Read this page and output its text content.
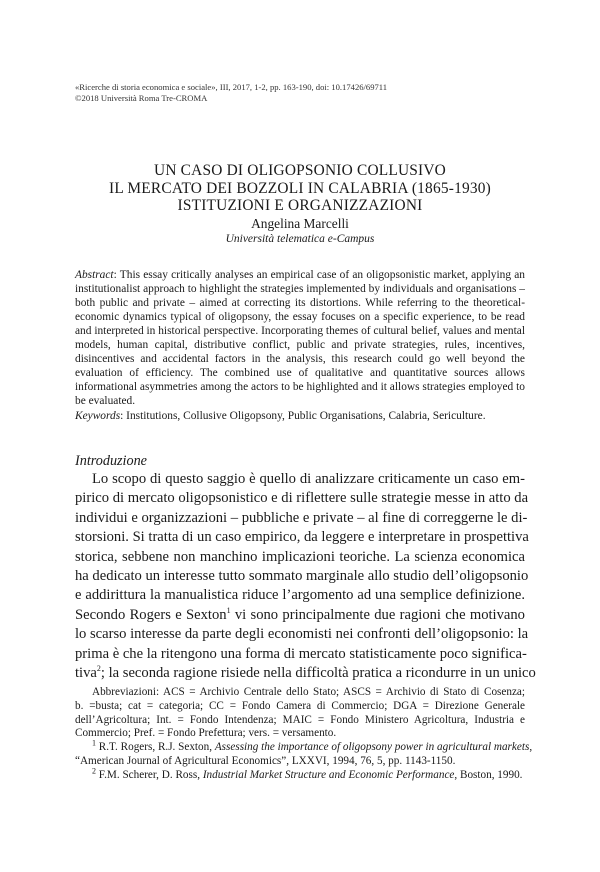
«Ricerche di storia economica e sociale», III, 2017, 1-2, pp. 163-190, doi: 10.17426/69711
©2018 Università Roma Tre-CROMA
UN CASO DI OLIGOPSONIO COLLUSIVO
IL MERCATO DEI BOZZOLI IN CALABRIA (1865-1930)
ISTITUZIONI E ORGANIZZAZIONI
Angelina Marcelli
Università telematica e-Campus
Abstract: This essay critically analyses an empirical case of an oligopsonistic market, applying an institutionalist approach to highlight the strategies implemented by individuals and organisations – both public and private – aimed at correcting its distortions. While referring to the theoretical-economic dynamics typical of oligopsony, the essay focuses on a specific experience, to be read and interpreted in historical perspective. Incorporating themes of cultural belief, values and mental models, human capital, distributive conflict, public and private strategies, rules, incentives, disincentives and accidental factors in the analysis, this research could go well beyond the evaluation of efficiency. The combined use of qualitative and quantitative sources allows informational asymmetries among the actors to be highlighted and it allows strategies employed to be evaluated.
Keywords: Institutions, Collusive Oligopsony, Public Organisations, Calabria, Sericulture.
Introduzione
Lo scopo di questo saggio è quello di analizzare criticamente un caso em-
pirico di mercato oligopsonistico e di riflettere sulle strategie messe in atto da
individui e organizzazioni – pubbliche e private – al fine di correggerne le di-
storsioni. Si tratta di un caso empirico, da leggere e interpretare in prospettiva
storica, sebbene non manchino implicazioni teoriche. La scienza economica
ha dedicato un interesse tutto sommato marginale allo studio dell’oligopsonio
e addirittura la manualistica riduce l’argomento ad una semplice definizione.
Secondo Rogers e Sexton$^1$ vi sono principalmente due ragioni che motivano
lo scarso interesse da parte degli economisti nei confronti dell’oligopsonio: la
prima è che la ritengono una forma di mercato statisticamente poco significa-
tiva$^2$; la seconda ragione risiede nella difficoltà pratica a ricondurre in un unico
Abbreviazioni: ACS = Archivio Centrale dello Stato; ASCS = Archivio di Stato di Cosenza;
b. =busta; cat = categoria; CC = Fondo Camera di Commercio; DGA = Direzione Generale
dell’Agricoltura; Int. = Fondo Intendenza; MAIC = Fondo Ministero Agricoltura, Industria e
Commercio; Pref. = Fondo Prefettura; vers. = versamento.
$^1$ R.T. Rogers, R.J. Sexton, Assessing the importance of oligopsony power in agricultural markets,
“American Journal of Agricultural Economics”, LXXVI, 1994, 76, 5, pp. 1143-1150.
$^2$ F.M. Scherer, D. Ross, Industrial Market Structure and Economic Performance, Boston, 1990.
